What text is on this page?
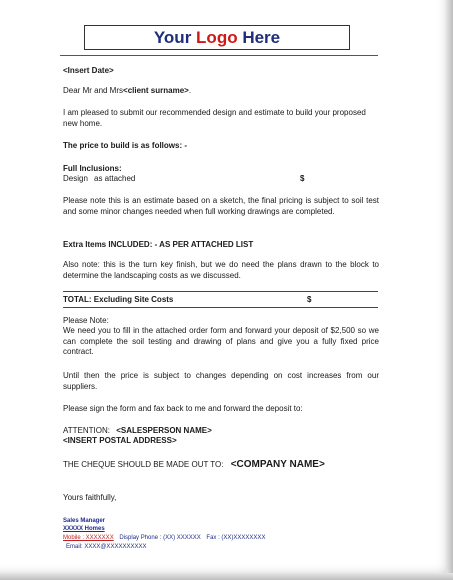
Your Logo Here
<Insert Date>
Dear Mr and Mrs<client surname>.
I am pleased to submit our recommended design and estimate to build your proposed new home.
The price to build is as follows: -
Full Inclusions:
Design as attached	$
Please note this is an estimate based on a sketch, the final pricing is subject to soil test and some minor changes needed when full working drawings are completed.
Extra Items INCLUDED: - AS PER ATTACHED LIST
Also note: this is the turn key finish, but we do need the plans drawn to the block to determine the landscaping costs as we discussed.
TOTAL: Excluding Site Costs	$
Please Note:
We need you to fill in the attached order form and forward your deposit of $2,500 so we can complete the soil testing and drawing of plans and give you a fully fixed price contract.
Until then the price is subject to changes depending on cost increases from our suppliers.
Please sign the form and fax back to me and forward the deposit to:
ATTENTION: <SALESPERSON NAME>
<INSERT POSTAL ADDRESS>
THE CHEQUE SHOULD BE MADE OUT TO: <COMPANY NAME>
Yours faithfully,
Sales Manager
XXXXX Homes
Mobile : XXXXXXX Display Phone : (XX) XXXXXX Fax : (XX)XXXXXXXX
Email: XXXX@XXXXXXXXXX
